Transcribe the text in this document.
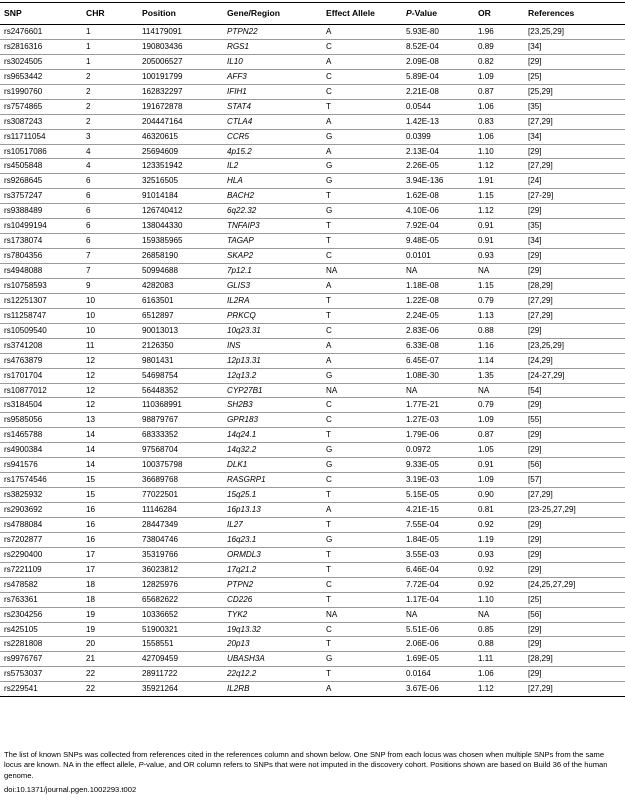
SNP	CHR	Position	Gene/Region	Effect Allele	P-Value	OR	References
rs2476601	1	114179091	PTPN22	A	5.93E-80	1.96	[23,25,29]
rs2816316	1	190803436	RGS1	C	8.52E-04	0.89	[34]
rs3024505	1	205006527	IL10	A	2.09E-08	0.82	[29]
rs9653442	2	100191799	AFF3	C	5.89E-04	1.09	[25]
rs1990760	2	162832297	IFIH1	C	2.21E-08	0.87	[25,29]
rs7574865	2	191672878	STAT4	T	0.0544	1.06	[35]
rs3087243	2	204447164	CTLA4	A	1.42E-13	0.83	[27,29]
rs11711054	3	46320615	CCR5	G	0.0399	1.06	[34]
rs10517086	4	25694609	4p15.2	A	2.13E-04	1.10	[29]
rs4505848	4	123351942	IL2	G	2.26E-05	1.12	[27,29]
rs9268645	6	32516505	HLA	G	3.94E-136	1.91	[24]
rs3757247	6	91014184	BACH2	T	1.62E-08	1.15	[27-29]
rs9388489	6	126740412	6q22.32	G	4.10E-06	1.12	[29]
rs10499194	6	138044330	TNFAIP3	T	7.92E-04	0.91	[35]
rs1738074	6	159385965	TAGAP	T	9.48E-05	0.91	[34]
rs7804356	7	26858190	SKAP2	C	0.0101	0.93	[29]
rs4948088	7	50994688	7p12.1	NA	NA	NA	[29]
rs10758593	9	4282083	GLIS3	A	1.18E-08	1.15	[28,29]
rs12251307	10	6163501	IL2RA	T	1.22E-08	0.79	[27,29]
rs11258747	10	6512897	PRKCQ	T	2.24E-05	1.13	[27,29]
rs10509540	10	90013013	10q23.31	C	2.83E-06	0.88	[29]
rs3741208	11	2126350	INS	A	6.33E-08	1.16	[23,25,29]
rs4763879	12	9801431	12p13.31	A	6.45E-07	1.14	[24,29]
rs1701704	12	54698754	12q13.2	G	1.08E-30	1.35	[24-27,29]
rs10877012	12	56448352	CYP27B1	NA	NA	NA	[54]
rs3184504	12	110368991	SH2B3	C	1.77E-21	0.79	[29]
rs9585056	13	98879767	GPR183	C	1.27E-03	1.09	[55]
rs1465788	14	68333352	14q24.1	T	1.79E-06	0.87	[29]
rs4900384	14	97568704	14q32.2	G	0.0972	1.05	[29]
rs941576	14	100375798	DLK1	G	9.33E-05	0.91	[56]
rs17574546	15	36689768	RASGRP1	C	3.19E-03	1.09	[57]
rs3825932	15	77022501	15q25.1	T	5.15E-05	0.90	[27,29]
rs2903692	16	11146284	16p13.13	A	4.21E-15	0.81	[23-25,27,29]
rs4788084	16	28447349	IL27	T	7.55E-04	0.92	[29]
rs7202877	16	73804746	16q23.1	G	1.84E-05	1.19	[29]
rs2290400	17	35319766	ORMDL3	T	3.55E-03	0.93	[29]
rs7221109	17	36023812	17q21.2	T	6.46E-04	0.92	[29]
rs478582	18	12825976	PTPN2	C	7.72E-04	0.92	[24,25,27,29]
rs763361	18	65682622	CD226	T	1.17E-04	1.10	[25]
rs2304256	19	10336652	TYK2	NA	NA	NA	[56]
rs425105	19	51900321	19q13.32	C	5.51E-06	0.85	[29]
rs2281808	20	1558551	20p13	T	2.06E-06	0.88	[29]
rs9976767	21	42709459	UBASH3A	G	1.69E-05	1.11	[28,29]
rs5753037	22	28911722	22q12.2	T	0.0164	1.06	[29]
rs229541	22	35921264	IL2RB	A	3.67E-06	1.12	[27,29]
The list of known SNPs was collected from references cited in the references column and shown below. One SNP from each locus was chosen when multiple SNPs from the same locus are known. NA in the effect allele, P-value, and OR column refers to SNPs that were not imputed in the discovery cohort. Positions shown are based on Build 36 of the human genome.
doi:10.1371/journal.pgen.1002293.t002
